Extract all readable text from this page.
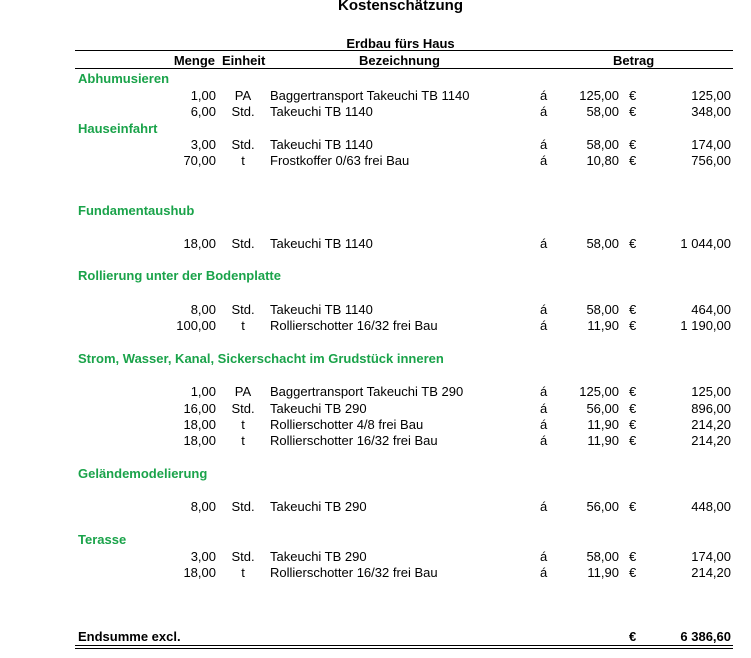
Kostenschätzung
Erdbau fürs Haus
Menge Einheit	Bezeichnung	Betrag
Abhumusieren
1,00	PA	Baggertransport Takeuchi TB 1140	á 125,00 €	125,00
6,00 Std. Takeuchi TB 1140	á	58,00 €	348,00
Hauseinfahrt
3,00 Std. Takeuchi TB 1140	á	58,00 €	174,00
70,00	t	Frostkoffer 0/63 frei Bau	á	10,80 €	756,00
Fundamentaushub
18,00 Std. Takeuchi TB 1140	á	58,00 €	1 044,00
Rollierung unter der Bodenplatte
8,00 Std. Takeuchi TB 1140	á	58,00 €	464,00
100,00	t	Rollierschotter 16/32 frei Bau	á	11,90 €	1 190,00
Strom, Wasser, Kanal, Sickerschacht im Grudstück inneren
1,00	PA	Baggertransport Takeuchi TB 290	á 125,00 €	125,00
16,00 Std. Takeuchi TB 290	á	56,00 €	896,00
18,00	t	Rollierschotter 4/8 frei Bau	á	11,90 €	214,20
18,00	t	Rollierschotter 16/32 frei Bau	á	11,90 €	214,20
Geländemodelierung
8,00 Std. Takeuchi TB 290	á	56,00 €	448,00
Terasse
3,00 Std. Takeuchi TB 290	á	58,00 €	174,00
18,00	t	Rollierschotter 16/32 frei Bau	á	11,90 €	214,20
Endsumme excl.	€	6 386,60
